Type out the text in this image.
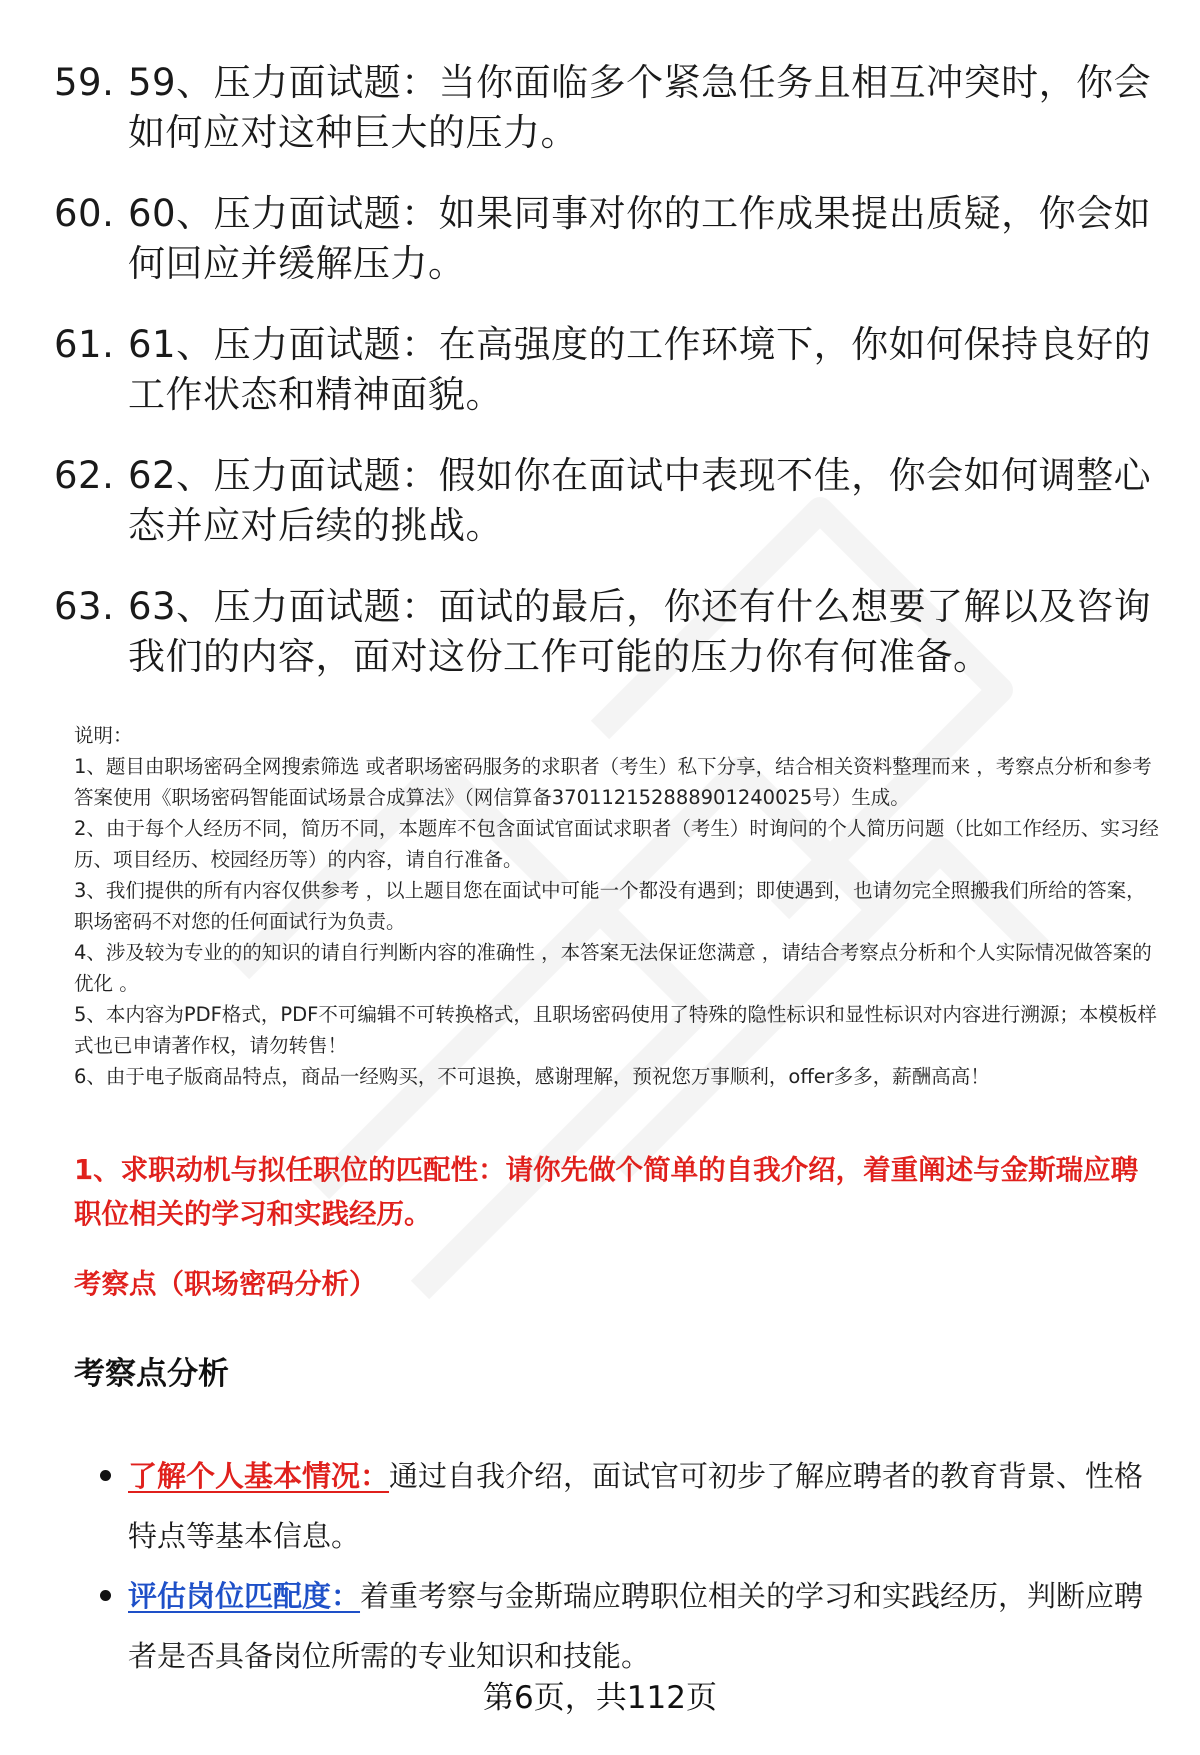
59. 59、压力面试题：当你面临多个紧急任务且相互冲突时，你会如何应对这种巨大的压力。
60. 60、压力面试题：如果同事对你的工作成果提出质疑，你会如何回应并缓解压力。
61. 61、压力面试题：在高强度的工作环境下，你如何保持良好的工作状态和精神面貌。
62. 62、压力面试题：假如你在面试中表现不佳，你会如何调整心态并应对后续的挑战。
63. 63、压力面试题：面试的最后，你还有什么想要了解以及咨询我们的内容，面对这份工作可能的压力你有何准备。

说明：

1、题目由职场密码全网搜索筛选 或者职场密码服务的求职者（考生）私下分享，结合相关资料整理而来 ，考察点分析和参考答案使用《职场密码智能面试场景合成算法》（网信算备370112152888901240025号）生成。

2、由于每个人经历不同，简历不同，本题库不包含面试官面试求职者（考生）时询问的个人简历问题（比如工作经历、实习经历、项目经历、校园经历等）的内容，请自行准备。

3、我们提供的所有内容仅供参考 ，以上题目您在面试中可能一个都没有遇到；即使遇到，也请勿完全照搬我们所给的答案，职场密码不对您的任何面试行为负责。

4、涉及较为专业的的知识的请自行判断内容的准确性 ，本答案无法保证您满意 ，请结合考察点分析和个人实际情况做答案的优化 。

5、本内容为PDF格式，PDF不可编辑不可转换格式，且职场密码使用了特殊的隐性标识和显性标识对内容进行溯源；本模板样式也已申请著作权，请勿转售！

6、由于电子版商品特点，商品一经购买，不可退换，感谢理解，预祝您万事顺利，offer多多，薪酬高高！

1、求职动机与拟任职位的匹配性：请你先做个简单的自我介绍，着重阐述与金斯瑞应聘职位相关的学习和实践经历。
考察点（职场密码分析）
考察点分析
了解个人基本情况：通过自我介绍，面试官可初步了解应聘者的教育背景、性格特点等基本信息。
评估岗位匹配度：着重考察与金斯瑞应聘职位相关的学习和实践经历，判断应聘者是否具备岗位所需的专业知识和技能。
第6页，共112页
